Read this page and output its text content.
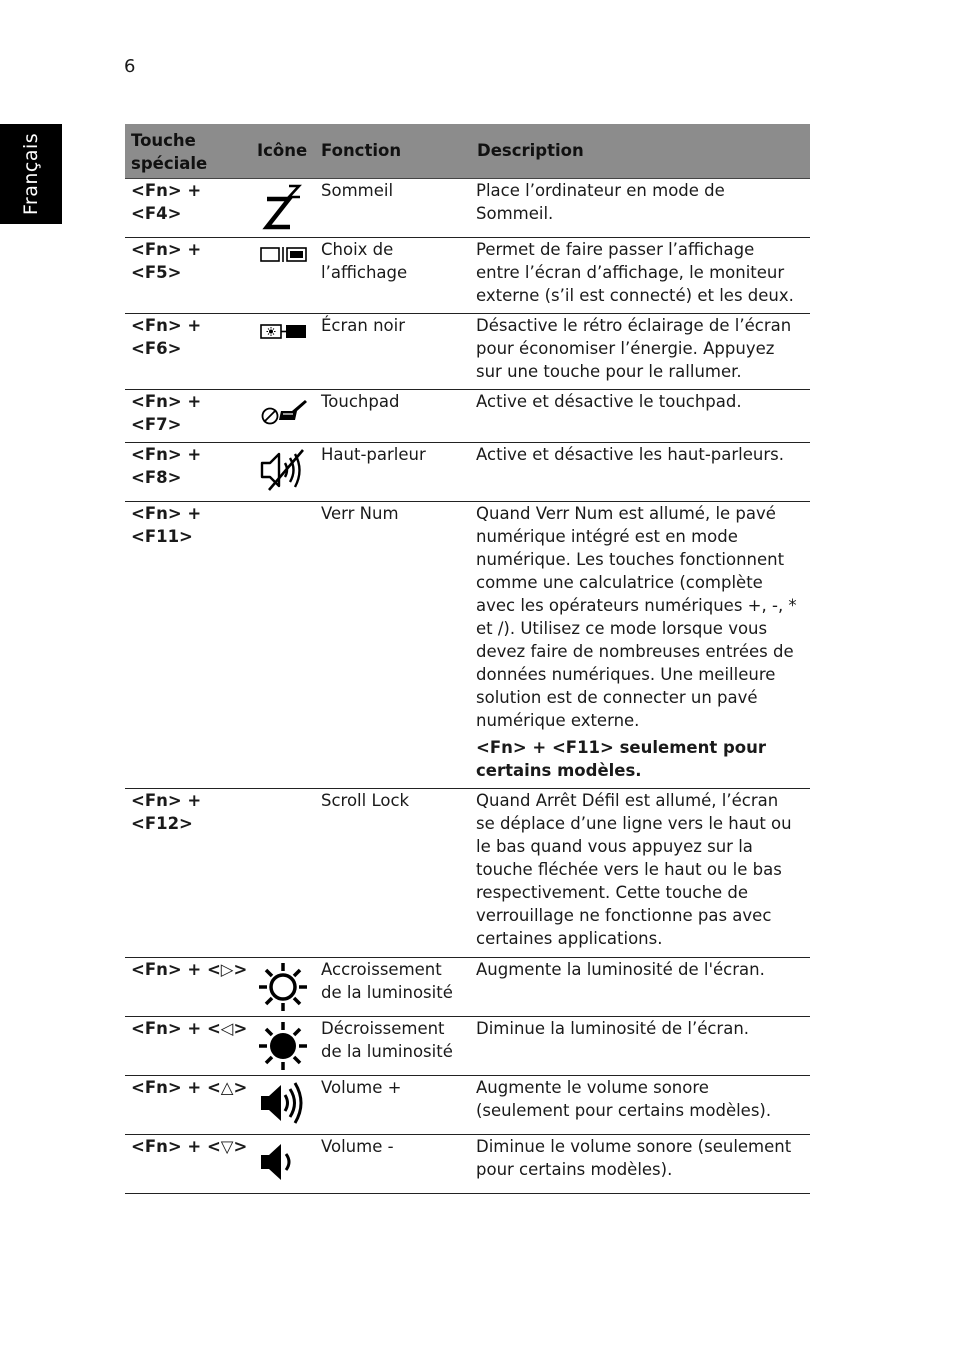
6
Français	Touche spéciale	Icône	Fonction	Description
<Fn> + <F4>		Sommeil	Place l’ordinateur en mode de Sommeil.
<Fn> + <F5>		Choix de l’affichage	Permet de faire passer l’affichage entre l’écran d’affichage, le moniteur externe (s’il est connecté) et les deux.
<Fn> + <F6>		Écran noir	Désactive le rétro éclairage de l’écran pour économiser l’énergie. Appuyez sur une touche pour le rallumer.
<Fn> + <F7>		Touchpad	Active et désactive le touchpad.
<Fn> + <F8>		Haut-parleur	Active et désactive les haut-parleurs.
<Fn> + <F11>		Verr Num	Quand Verr Num est allumé, le pavé numérique intégré est en mode numérique. Les touches fonctionnent comme une calculatrice (complète avec les opérateurs numériques +, -, * et /). Utilisez ce mode lorsque vous devez faire de nombreuses entrées de données numériques. Une meilleure solution est de connecter un pavé numérique externe.
<Fn> + <F11> seulement pour certains modèles.

<Fn> + <F12>		Scroll Lock	Quand Arrêt Défil est allumé, l’écran se déplace d’une ligne vers le haut ou le bas quand vous appuyez sur la touche fléchée vers le haut ou le bas respectivement. Cette touche de verrouillage ne fonctionne pas avec certaines applications.
<Fn> + <▷>		Accroissement de la luminosité	Augmente la luminosité de l'écran.
<Fn> + <◁>		Décroissement de la luminosité	Diminue la luminosité de l’écran.
<Fn> + <△>		Volume +	Augmente le volume sonore (seulement pour certains modèles).
<Fn> + <▽>		Volume -	Diminue le volume sonore (seulement pour certains modèles).
